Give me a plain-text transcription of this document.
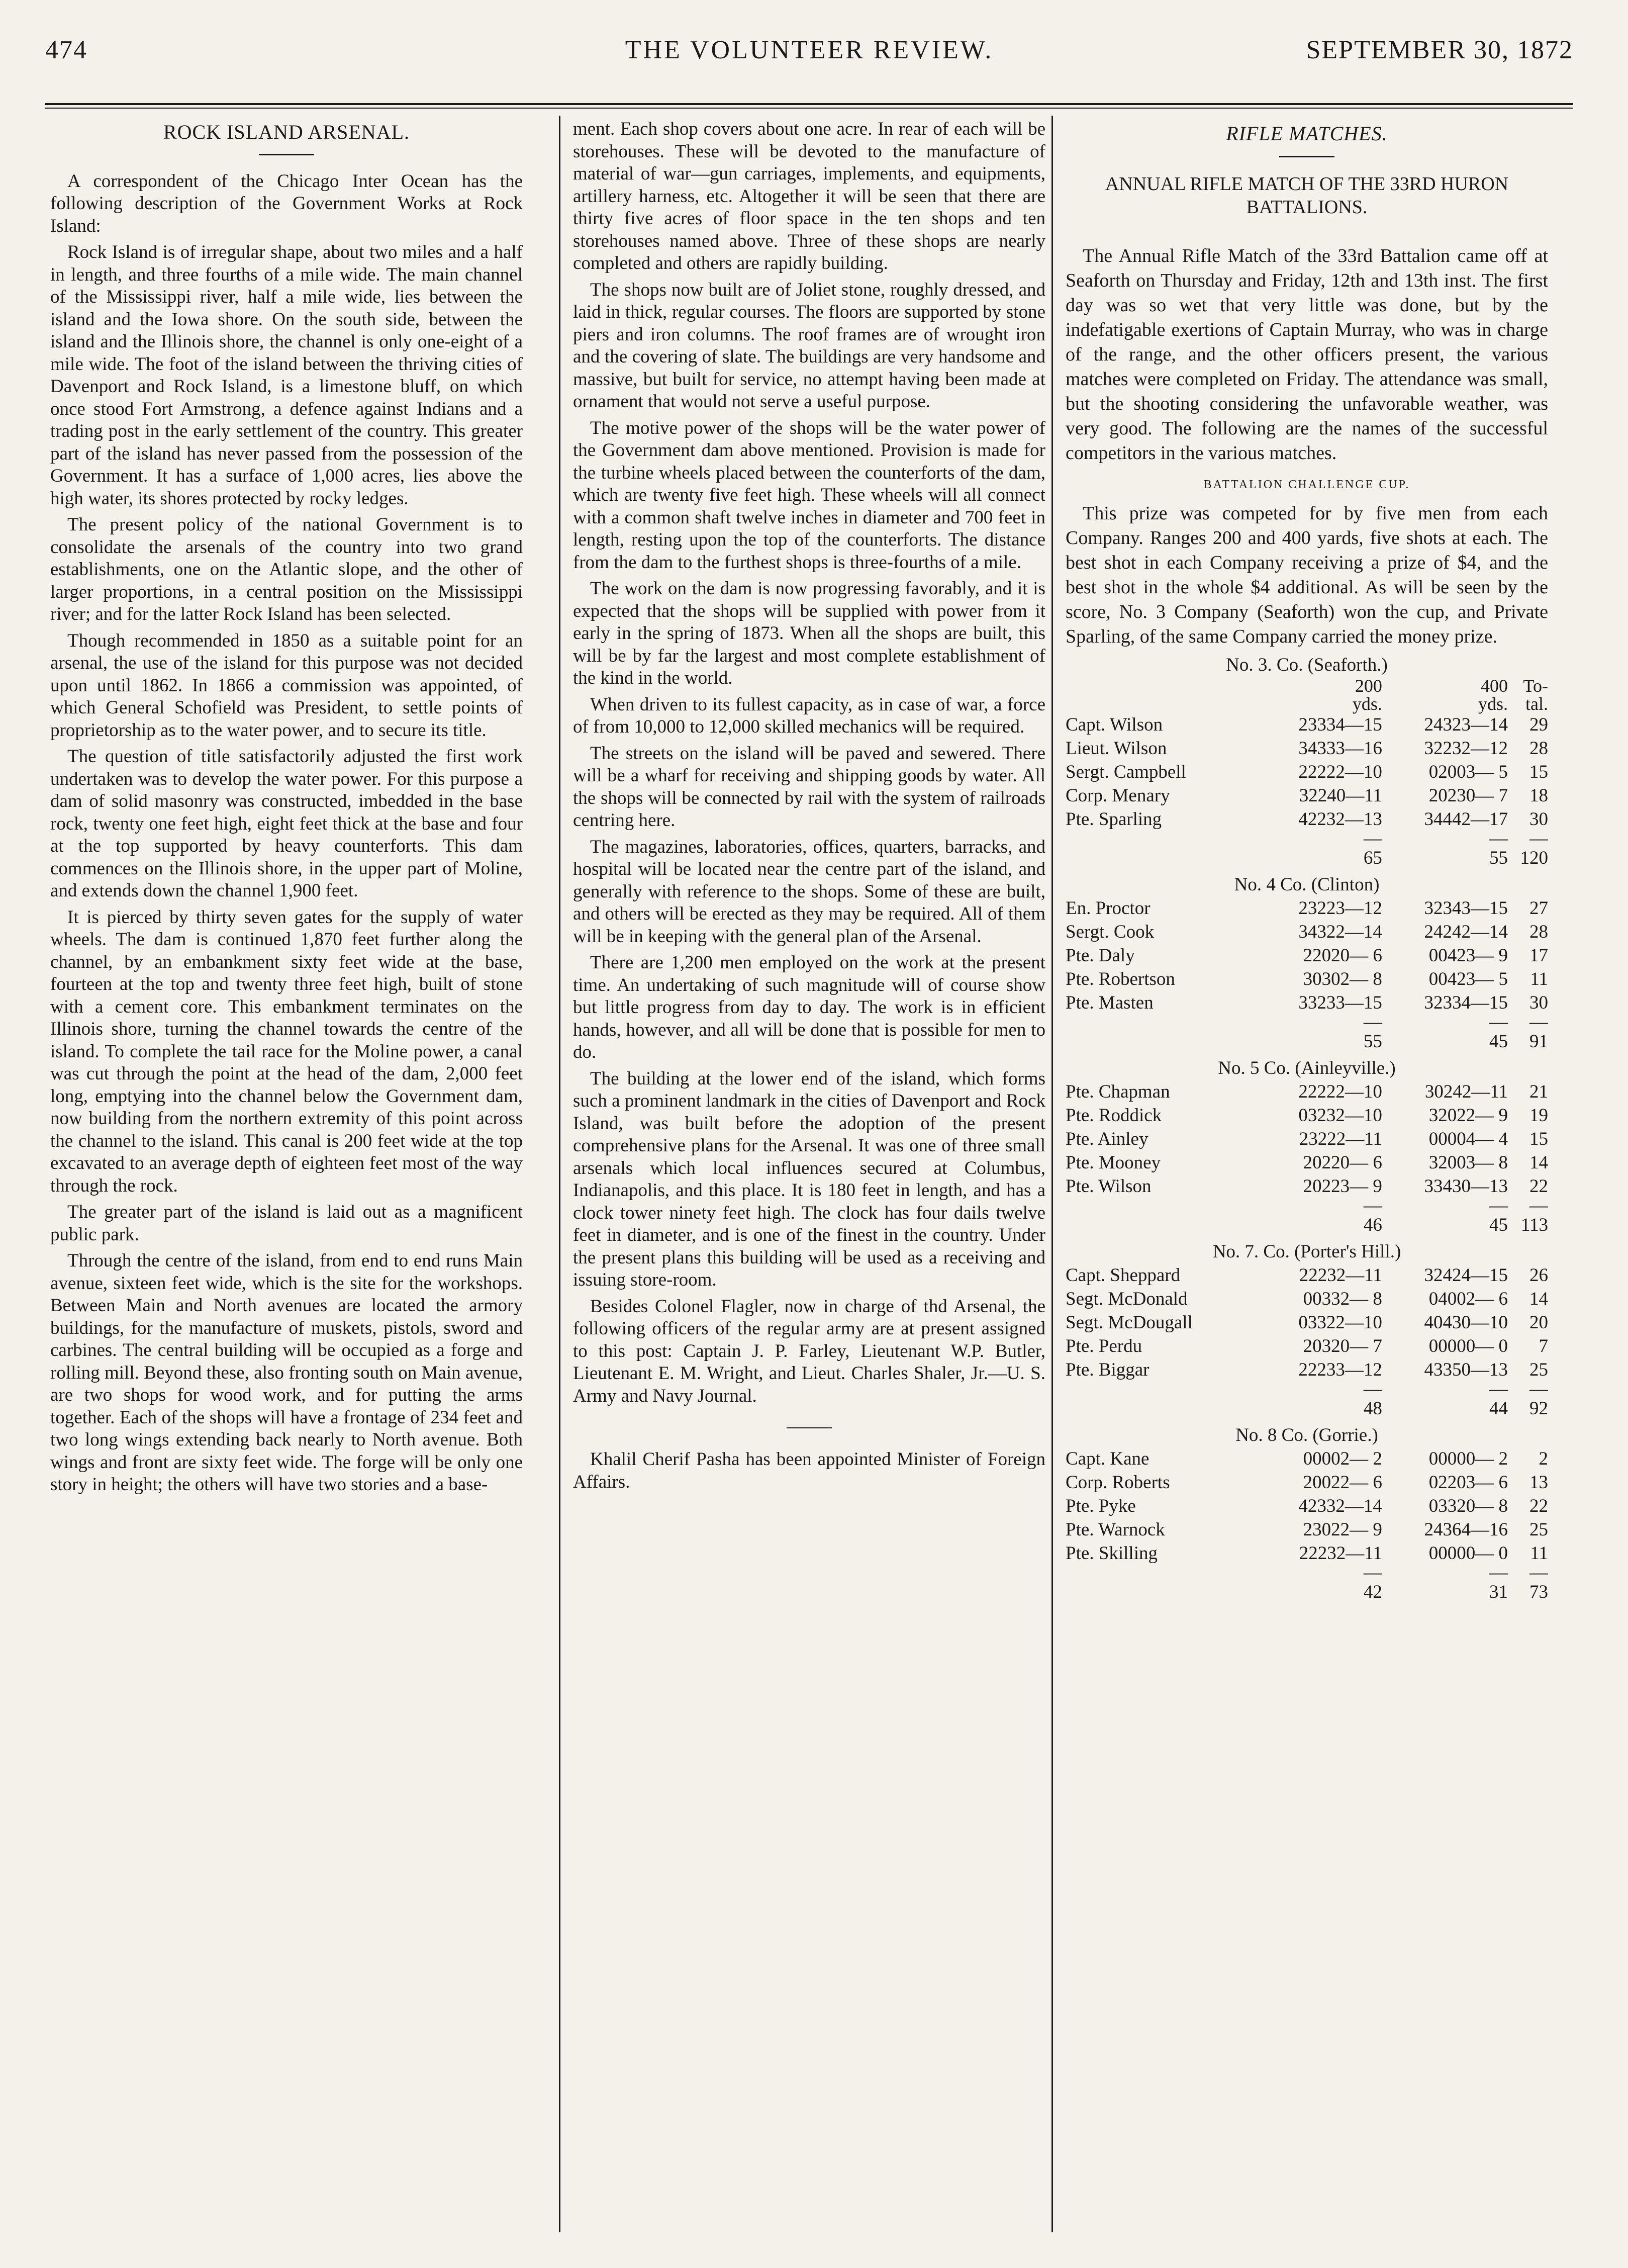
474	THE VOLUNTEER REVIEW.	SEPTEMBER 30, 1872
ROCK ISLAND ARSENAL.

A correspondent of the Chicago Inter Ocean has the following description of the Government Works at Rock Island:

Rock Island is of irregular shape, about two miles and a half in length, and three fourths of a mile wide. The main channel of the Mississippi river, half a mile wide, lies between the island and the Iowa shore. On the south side, between the island and the Illinois shore, the channel is only one-eight of a mile wide. The foot of the island between the thriving cities of Davenport and Rock Island, is a limestone bluff, on which once stood Fort Armstrong, a defence against Indians and a trading post in the early settlement of the country. This greater part of the island has never passed from the possession of the Government. It has a surface of 1,000 acres, lies above the high water, its shores protected by rocky ledges.

The present policy of the national Government is to consolidate the arsenals of the country into two grand establishments, one on the Atlantic slope, and the other of larger proportions, in a central position on the Mississippi river; and for the latter Rock Island has been selected.

Though recommended in 1850 as a suitable point for an arsenal, the use of the island for this purpose was not decided upon until 1862. In 1866 a commission was appointed, of which General Schofield was President, to settle points of proprietorship as to the water power, and to secure its title.

The question of title satisfactorily adjusted the first work undertaken was to develop the water power. For this purpose a dam of solid masonry was constructed, imbedded in the base rock, twenty one feet high, eight feet thick at the base and four at the top supported by heavy counterforts. This dam commences on the Illinois shore, in the upper part of Moline, and extends down the channel 1,900 feet.

It is pierced by thirty seven gates for the supply of water wheels. The dam is continued 1,870 feet further along the channel, by an embankment sixty feet wide at the base, fourteen at the top and twenty three feet high, built of stone with a cement core. This embankment terminates on the Illinois shore, turning the channel towards the centre of the island. To complete the tail race for the Moline power, a canal was cut through the point at the head of the dam, 2,000 feet long, emptying into the channel below the Government dam, now building from the northern extremity of this point across the channel to the island. This canal is 200 feet wide at the top excavated to an average depth of eighteen feet most of the way through the rock.

The greater part of the island is laid out as a magnificent public park.

Through the centre of the island, from end to end runs Main avenue, sixteen feet wide, which is the site for the workshops. Between Main and North avenues are located the armory buildings, for the manufacture of muskets, pistols, sword and carbines. The central building will be occupied as a forge and rolling mill. Beyond these, also fronting south on Main avenue, are two shops for wood work, and for putting the arms together. Each of the shops will have a frontage of 234 feet and two long wings extending back nearly to North avenue. Both wings and front are sixty feet wide. The forge will be only one story in height; the others will have two stories and a base-

ment. Each shop covers about one acre. In rear of each will be storehouses. These will be devoted to the manufacture of material of war—gun carriages, implements, and equipments, artillery harness, etc. Altogether it will be seen that there are thirty five acres of floor space in the ten shops and ten storehouses named above. Three of these shops are nearly completed and others are rapidly building.

The shops now built are of Joliet stone, roughly dressed, and laid in thick, regular courses. The floors are supported by stone piers and iron columns. The roof frames are of wrought iron and the covering of slate. The buildings are very handsome and massive, but built for service, no attempt having been made at ornament that would not serve a useful purpose.

The motive power of the shops will be the water power of the Government dam above mentioned. Provision is made for the turbine wheels placed between the counterforts of the dam, which are twenty five feet high. These wheels will all connect with a common shaft twelve inches in diameter and 700 feet in length, resting upon the top of the counterforts. The distance from the dam to the furthest shops is three-fourths of a mile.

The work on the dam is now progressing favorably, and it is expected that the shops will be supplied with power from it early in the spring of 1873. When all the shops are built, this will be by far the largest and most complete establishment of the kind in the world.

When driven to its fullest capacity, as in case of war, a force of from 10,000 to 12,000 skilled mechanics will be required.

The streets on the island will be paved and sewered. There will be a wharf for receiving and shipping goods by water. All the shops will be connected by rail with the system of railroads centring here.

The magazines, laboratories, offices, quarters, barracks, and hospital will be located near the centre part of the island, and generally with reference to the shops. Some of these are built, and others will be erected as they may be required. All of them will be in keeping with the general plan of the Arsenal.

There are 1,200 men employed on the work at the present time. An undertaking of such magnitude will of course show but little progress from day to day. The work is in efficient hands, however, and all will be done that is possible for men to do.

The building at the lower end of the island, which forms such a prominent landmark in the cities of Davenport and Rock Island, was built before the adoption of the present comprehensive plans for the Arsenal. It was one of three small arsenals which local influences secured at Columbus, Indianapolis, and this place. It is 180 feet in length, and has a clock tower ninety feet high. The clock has four dails twelve feet in diameter, and is one of the finest in the country. Under the present plans this building will be used as a receiving and issuing store-room.

Besides Colonel Flagler, now in charge of thd Arsenal, the following officers of the regular army are at present assigned to this post: Captain J. P. Farley, Lieutenant W.P. Butler, Lieutenant E. M. Wright, and Lieut. Charles Shaler, Jr.—U. S. Army and Navy Journal.

Khalil Cherif Pasha has been appointed Minister of Foreign Affairs.

RIFLE MATCHES.
ANNUAL RIFLE MATCH OF THE 33RD HURON BATTALIONS.

The Annual Rifle Match of the 33rd Battalion came off at Seaforth on Thursday and Friday, 12th and 13th inst. The first day was so wet that very little was done, but by the indefatigable exertions of Captain Murray, who was in charge of the range, and the other officers present, the various matches were completed on Friday. The attendance was small, but the shooting considering the unfavorable weather, was very good. The following are the names of the successful competitors in the various matches.

BATTALION CHALLENGE CUP.

This prize was competed for by five men from each Company. Ranges 200 and 400 yards, five shots at each. The best shot in each Company receiving a prize of $4, and the best shot in the whole $4 additional. As will be seen by the score, No. 3 Company (Seaforth) won the cup, and Private Sparling, of the same Company carried the money prize.

No. 3. Co. (Seaforth.)			
	200	400	To-
	yds.	yds.	tal.
Capt. Wilson	23334—15	24323—14	29
Lieut. Wilson	34333—16	32232—12	28
Sergt. Campbell	22222—10	02003— 5	15
Corp. Menary	32240—11	20230— 7	18
Pte. Sparling	42232—13	34442—17	30
	—	—	—
	65	55	120
No. 4 Co. (Clinton)			
En. Proctor	23223—12	32343—15	27
Sergt. Cook	34322—14	24242—14	28
Pte. Daly	22020— 6	00423— 9	17
Pte. Robertson	30302— 8	00423— 5	11
Pte. Masten	33233—15	32334—15	30
	—	—	—
	55	45	91
No. 5 Co. (Ainleyville.)			
Pte. Chapman	22222—10	30242—11	21
Pte. Roddick	03232—10	32022— 9	19
Pte. Ainley	23222—11	00004— 4	15
Pte. Mooney	20220— 6	32003— 8	14
Pte. Wilson	20223— 9	33430—13	22
	—	—	—
	46	45	113
No. 7. Co. (Porter's Hill.)			
Capt. Sheppard	22232—11	32424—15	26
Segt. McDonald	00332— 8	04002— 6	14
Segt. McDougall	03322—10	40430—10	20
Pte. Perdu	20320— 7	00000— 0	7
Pte. Biggar	22233—12	43350—13	25
	—	—	—
	48	44	92
No. 8 Co. (Gorrie.)			
Capt. Kane	00002— 2	00000— 2	2
Corp. Roberts	20022— 6	02203— 6	13
Pte. Pyke	42332—14	03320— 8	22
Pte. Warnock	23022— 9	24364—16	25
Pte. Skilling	22232—11	00000— 0	11
	—	—	—
	42	31	73
